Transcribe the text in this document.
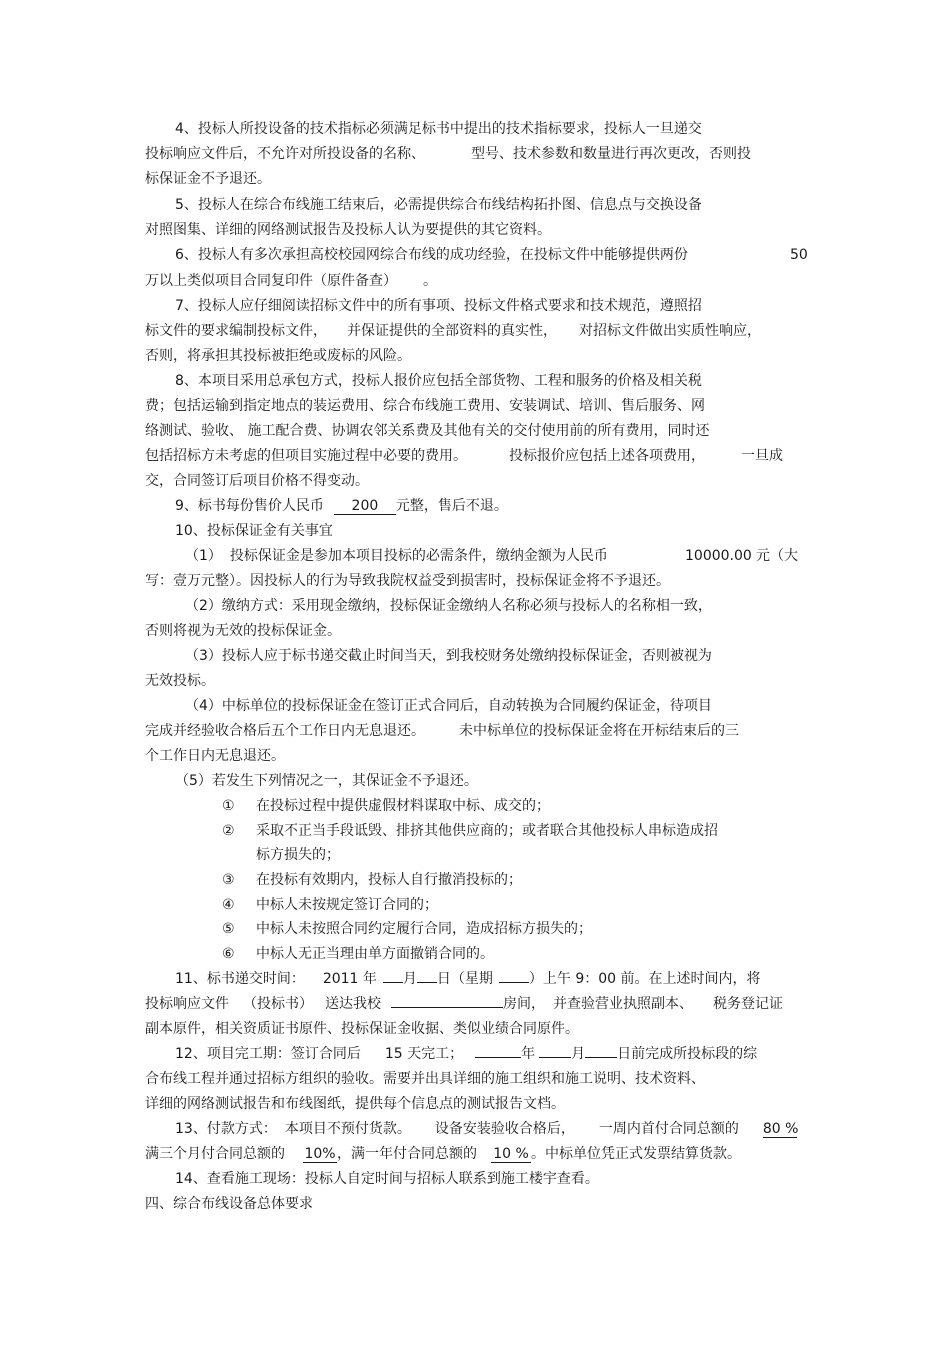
4、投标人所投设备的技术指标必须满足标书中提出的技术指标要求，投标人一旦递交
投标响应文件后，不允许对所投设备的名称、	型号、技术参数和数量进行再次更改，否则投
标保证金不予退还。
5、投标人在综合布线施工结束后，必需提供综合布线结构拓扑图、信息点与交换设备
对照图集、详细的网络测试报告及投标人认为要提供的其它资料。
6、投标人有多次承担高校校园网综合布线的成功经验，在投标文件中能够提供两份	50
万以上类似项目合同复印件（原件备查） 。
7、投标人应仔细阅读招标文件中的所有事项、投标文件格式要求和技术规范，遵照招
标文件的要求编制投标文件， 并保证提供的全部资料的真实性， 对招标文件做出实质性响应，
否则，将承担其投标被拒绝或废标的风险。
8、本项目采用总承包方式，投标人报价应包括全部货物、工程和服务的价格及相关税
费；包括运输到指定地点的装运费用、综合布线施工费用、安装调试、培训、售后服务、网
络测试、验收、 施工配合费、协调农邻关系费及其他有关的交付使用前的所有费用，同时还
包括招标方未考虑的但项目实施过程中必要的费用。	投标报价应包括上述各项费用，	一旦成
交，合同签订后项目价格不得变动。
9、标书每份售价人民币 200 元整，售后不退。
10、投标保证金有关事宜
（1） 投标保证金是参加本项目投标的必需条件，缴纳金额为人民币	10000.00 元（大
写：壹万元整）。因投标人的行为导致我院权益受到损害时，投标保证金将不予退还。
（2）缴纳方式：采用现金缴纳，投标保证金缴纳人名称必须与投标人的名称相一致，
否则将视为无效的投标保证金。
（3）投标人应于标书递交截止时间当天，到我校财务处缴纳投标保证金，否则被视为
无效投标。
（4）中标单位的投标保证金在签订正式合同后，自动转换为合同履约保证金，待项目
完成并经验收合格后五个工作日内无息退还。 未中标单位的投标保证金将在开标结束后的三
个工作日内无息退还。
（5）若发生下列情况之一，其保证金不予退还。
① 在投标过程中提供虚假材料谋取中标、成交的；
② 采取不正当手段诋毁、排挤其他供应商的；或者联合其他投标人串标造成招
标方损失的；
③ 在投标有效期内，投标人自行撤消投标的；
④ 中标人未按规定签订合同的；
⑤ 中标人未按照合同约定履行合同，造成招标方损失的；
⑥ 中标人无正当理由单方面撤销合同的。
11、标书递交时间： 2011 年 月 日（星期	）上午 9：00 前。在上述时间内，将
投标响应文件 （投标书） 送达我校	房间， 并查验营业执照副本、 税务登记证
副本原件，相关资质证书原件、投标保证金收据、类似业绩合同原件。
12、项目完工期：签订合同后 15 天完工；	年	月 日前完成所投标段的综
合布线工程并通过招标方组织的验收。需要并出具详细的施工组织和施工说明、技术资料、
详细的网络测试报告和布线图纸，提供每个信息点的测试报告文档。
13、付款方式： 本项目不预付货款。 设备安装验收合格后， 一周内首付合同总额的 80 %
满三个月付合同总额的 10%，满一年付合同总额的 10 % 。中标单位凭正式发票结算货款。
14、查看施工现场：投标人自定时间与招标人联系到施工楼宇查看。
四、综合布线设备总体要求
